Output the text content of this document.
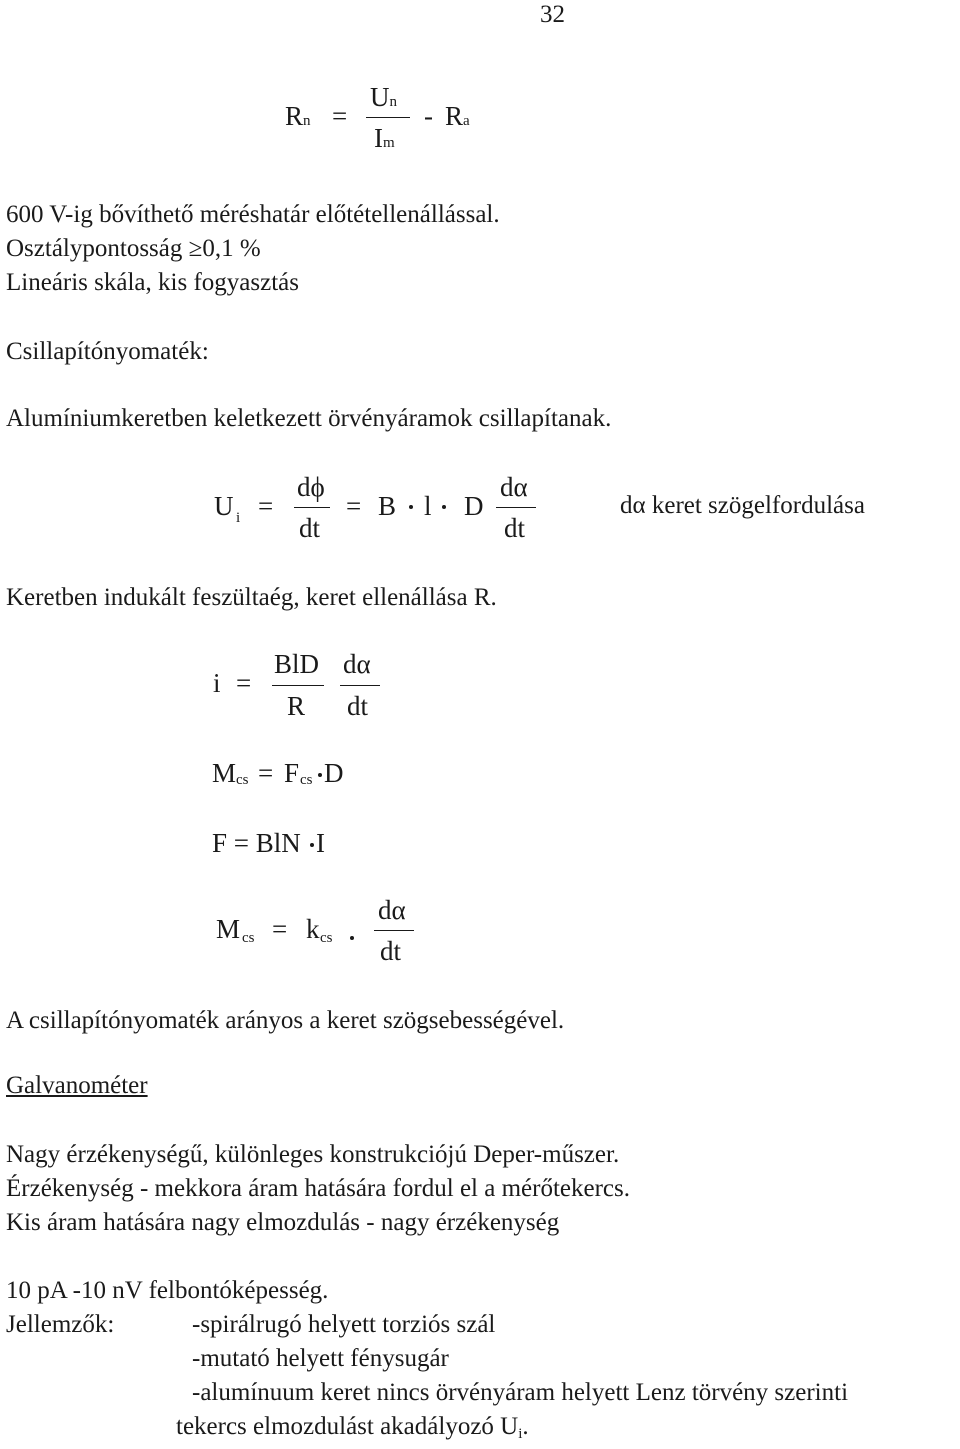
32
Rn =
Un
Im
- Ra
600 V-ig bővíthető méréshatár előtétellenállással.
Osztálypontosság ≥0,1 %
Lineáris skála, kis fogyasztás
Csillapítónyomaték:
Alumíniumkeretben keletkezett örvényáramok csillapítanak.
U i =
dϕ
dt
= B l D
dα
dt
dα keret szögelfordulása
Keretben indukált feszültaég, keret ellenállása R.
i =
BlD
R
dα
dt
M cs = F cs D
F = BlN I
M cs = k cs
dα
dt
A csillapítónyomaték arányos a keret szögsebességével.
Galvanométer
Nagy érzékenységű, különleges konstrukciójú Deper-műszer.
Érzékenység - mekkora áram hatására fordul el a mérőtekercs.
Kis áram hatására nagy elmozdulás - nagy érzékenység
10 pA -10 nV felbontóképesség.
Jellemzők:	-spirálrugó helyett torziós szál
-mutató helyett fénysugár
-alumínuum keret nincs örvényáram helyett Lenz törvény szerinti
tekercs elmozdulást akadályozó $U_i$.
